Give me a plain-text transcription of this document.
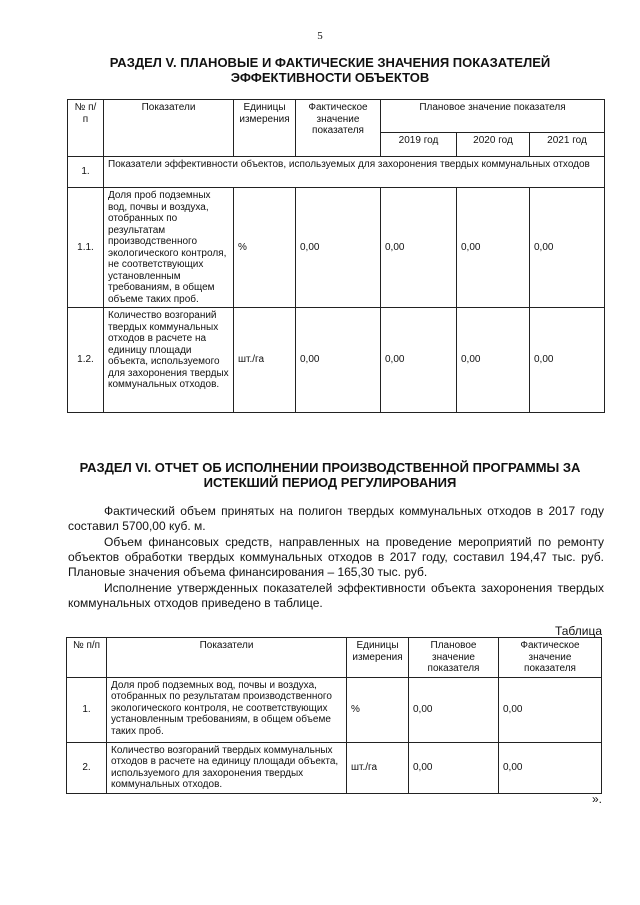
5
РАЗДЕЛ V. ПЛАНОВЫЕ И ФАКТИЧЕСКИЕ ЗНАЧЕНИЯ ПОКАЗАТЕЛЕЙ
ЭФФЕКТИВНОСТИ ОБЪЕКТОВ
№ п/п	Показатели	Единицы измерения	Фактическое значение показателя	Плановое значение показателя		
				2019 год	2020 год	2021 год
1.	Показатели эффективности объектов, используемых для захоронения твердых коммунальных отходов					
1.1.	Доля проб подземных вод, почвы и воздуха, отобранных по результатам производственного экологического контроля, не соответствующих установленным требованиям, в общем объеме таких проб.	%	0,00	0,00	0,00	0,00
1.2.	Количество возгораний твердых коммунальных отходов в расчете на единицу площади объекта, используемого для захоронения твердых коммунальных отходов.	шт./га	0,00	0,00	0,00	0,00
РАЗДЕЛ VI. ОТЧЕТ ОБ ИСПОЛНЕНИИ ПРОИЗВОДСТВЕННОЙ ПРОГРАММЫ ЗА
ИСТЕКШИЙ ПЕРИОД РЕГУЛИРОВАНИЯ
Фактический объем принятых на полигон твердых коммунальных отходов в 2017 году составил 5700,00 куб. м.
Объем финансовых средств, направленных на проведение мероприятий по ремонту объектов обработки твердых коммунальных отходов в 2017 году, составил 194,47 тыс. руб. Плановые значения объема финансирования – 165,30 тыс. руб.
Исполнение утвержденных показателей эффективности объекта захоронения твердых коммунальных отходов приведено в таблице.
Таблица
№ п/п	Показатели	Единицы измерения	Плановое значение показателя	Фактическое значение показателя
1.	Доля проб подземных вод, почвы и воздуха, отобранных по результатам производственного экологического контроля, не соответствующих установленным требованиям, в общем объеме таких проб.	%	0,00	0,00
2.	Количество возгораний твердых коммунальных отходов в расчете на единицу площади объекта, используемого для захоронения твердых коммунальных отходов.	шт./га	0,00	0,00
».
